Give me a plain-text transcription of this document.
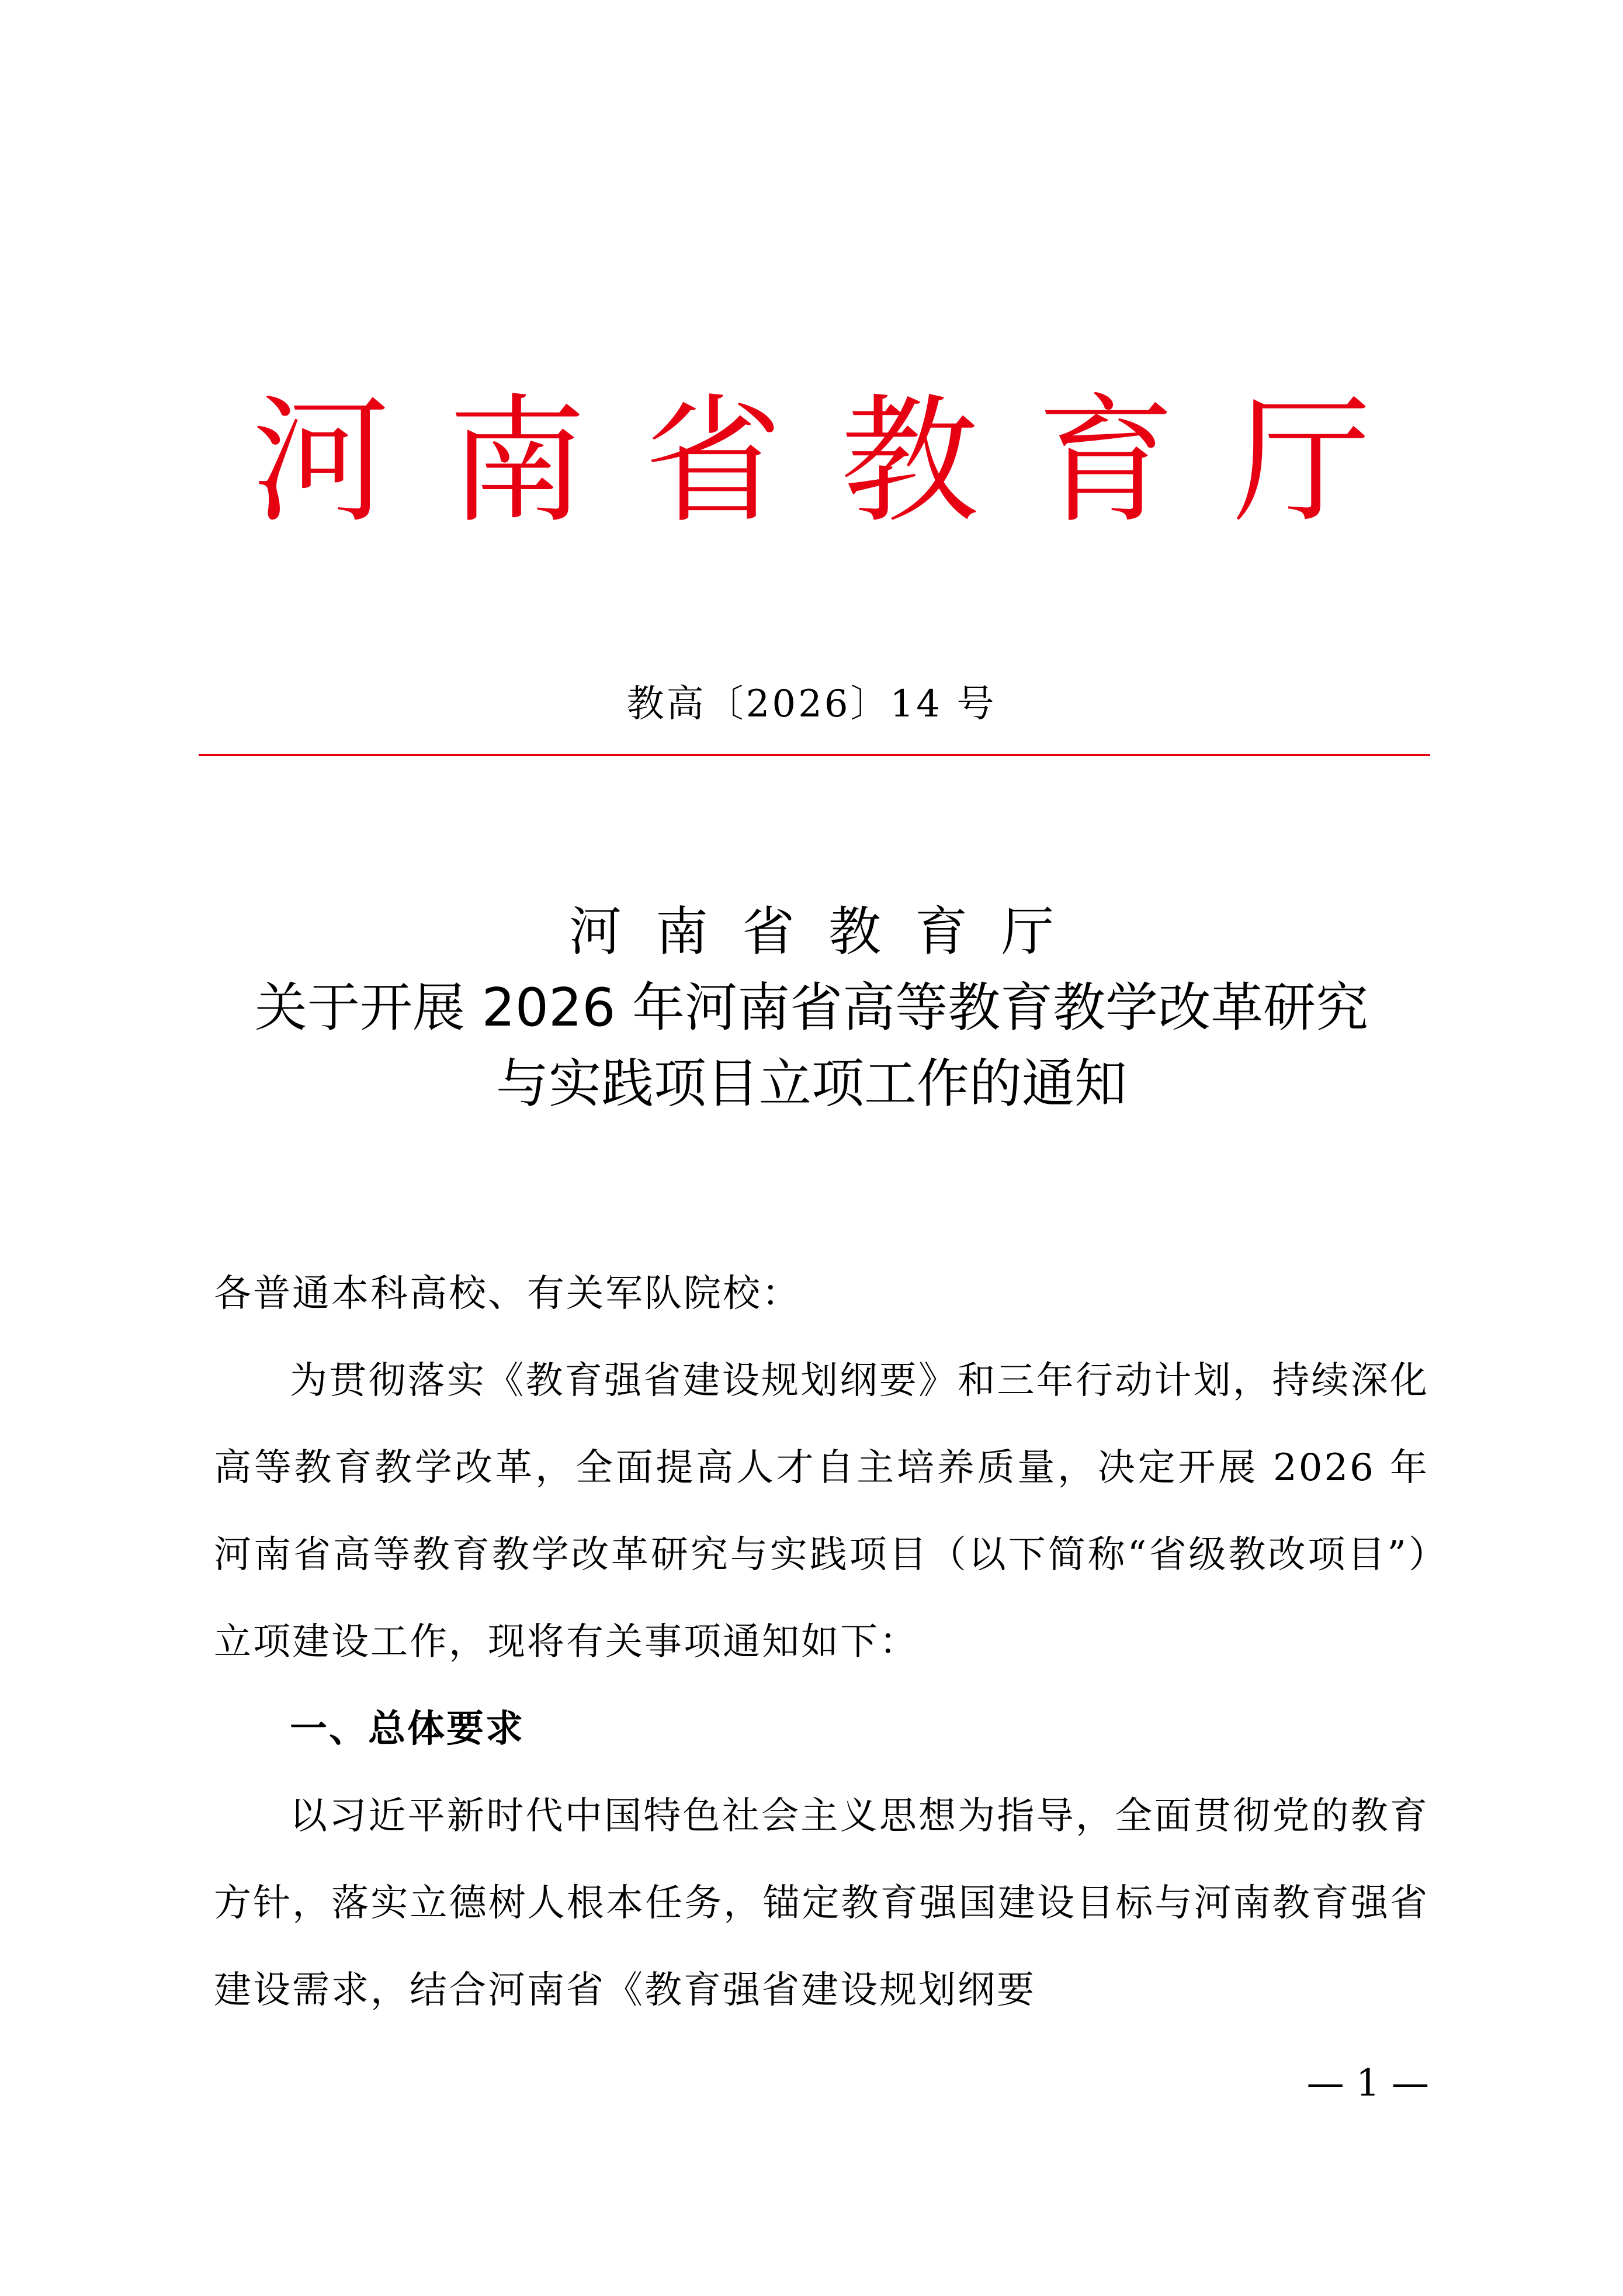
河南省教育厅
教高〔2026〕14 号
河南省教育厅
关于开展 2026 年河南省高等教育教学改革研究
与实践项目立项工作的通知

各普通本科高校、有关军队院校：

为贯彻落实《教育强省建设规划纲要》和三年行动计划，持续深化高等教育教学改革，全面提高人才自主培养质量，决定开展 2026 年河南省高等教育教学改革研究与实践项目（以下简称“省级教改项目”）立项建设工作，现将有关事项通知如下：

一、总体要求

以习近平新时代中国特色社会主义思想为指导，全面贯彻党的教育方针，落实立德树人根本任务，锚定教育强国建设目标与河南教育强省建设需求，结合河南省《教育强省建设规划纲要

— 1 —
